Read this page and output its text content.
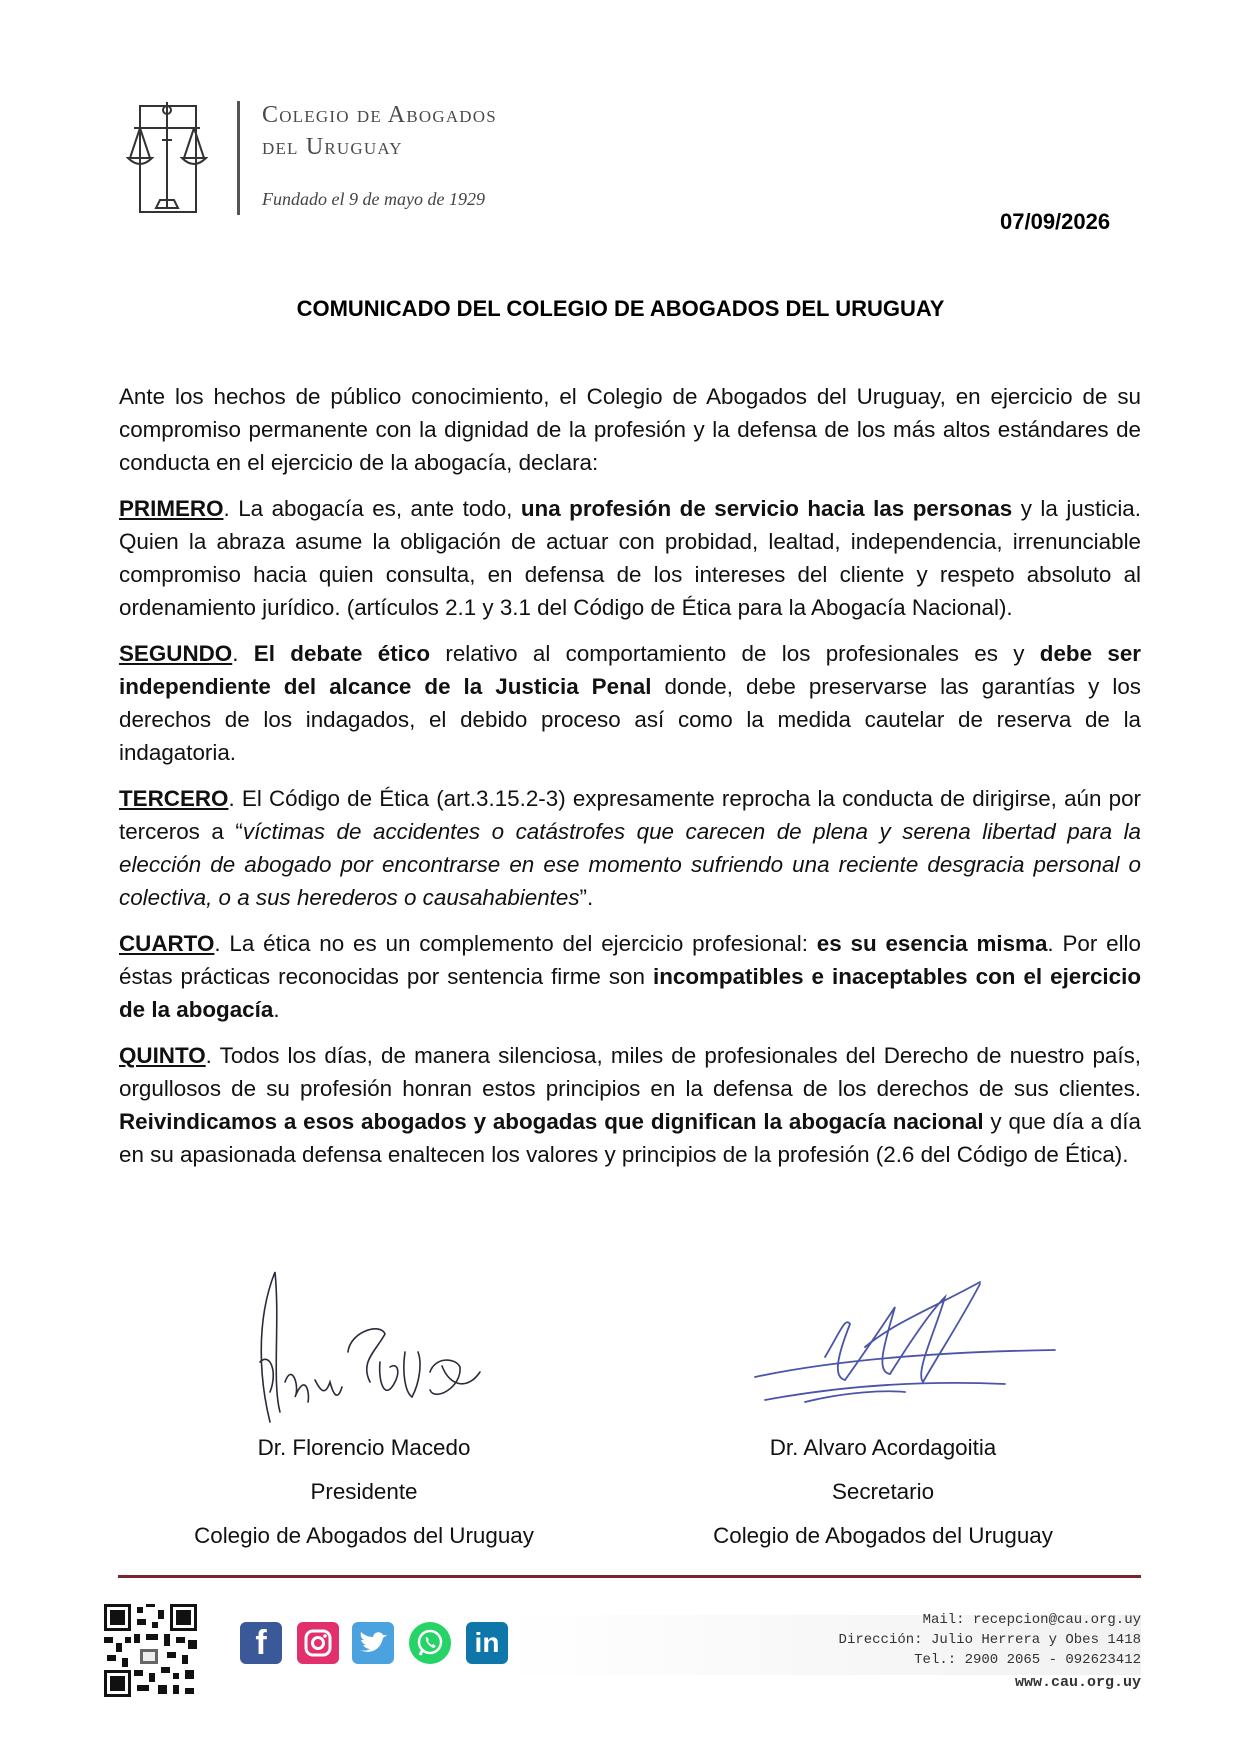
Colegio de Abogados
del Uruguay
Fundado el 9 de mayo de 1929
07/09/2026
COMUNICADO DEL COLEGIO DE ABOGADOS DEL URUGUAY

Ante los hechos de público conocimiento, el Colegio de Abogados del Uruguay, en ejercicio de su compromiso permanente con la dignidad de la profesión y la defensa de los más altos estándares de conducta en el ejercicio de la abogacía, declara:

PRIMERO. La abogacía es, ante todo, una profesión de servicio hacia las personas y la justicia. Quien la abraza asume la obligación de actuar con probidad, lealtad, independencia, irrenunciable compromiso hacia quien consulta, en defensa de los intereses del cliente y respeto absoluto al ordenamiento jurídico. (artículos 2.1 y 3.1 del Código de Ética para la Abogacía Nacional).

SEGUNDO. El debate ético relativo al comportamiento de los profesionales es y debe ser independiente del alcance de la Justicia Penal donde, debe preservarse las garantías y los derechos de los indagados, el debido proceso así como la medida cautelar de reserva de la indagatoria.

TERCERO. El Código de Ética (art.3.15.2-3) expresamente reprocha la conducta de dirigirse, aún por terceros a “víctimas de accidentes o catástrofes que carecen de plena y serena libertad para la elección de abogado por encontrarse en ese momento sufriendo una reciente desgracia personal o colectiva, o a sus herederos o causahabientes”.

CUARTO. La ética no es un complemento del ejercicio profesional: es su esencia misma. Por ello éstas prácticas reconocidas por sentencia firme son incompatibles e inaceptables con el ejercicio de la abogacía.

QUINTO. Todos los días, de manera silenciosa, miles de profesionales del Derecho de nuestro país, orgullosos de su profesión honran estos principios en la defensa de los derechos de sus clientes. Reivindicamos a esos abogados y abogadas que dignifican la abogacía nacional y que día a día en su apasionada defensa enaltecen los valores y principios de la profesión (2.6 del Código de Ética).

Dr. Florencio Macedo
Presidente
Colegio de Abogados del Uruguay
Dr. Alvaro Acordagoitia
Secretario
Colegio de Abogados del Uruguay
f	in
Mail: recepcion@cau.org.uy
Dirección: Julio Herrera y Obes 1418
Tel.: 2900 2065 - 092623412
www.cau.org.uy
